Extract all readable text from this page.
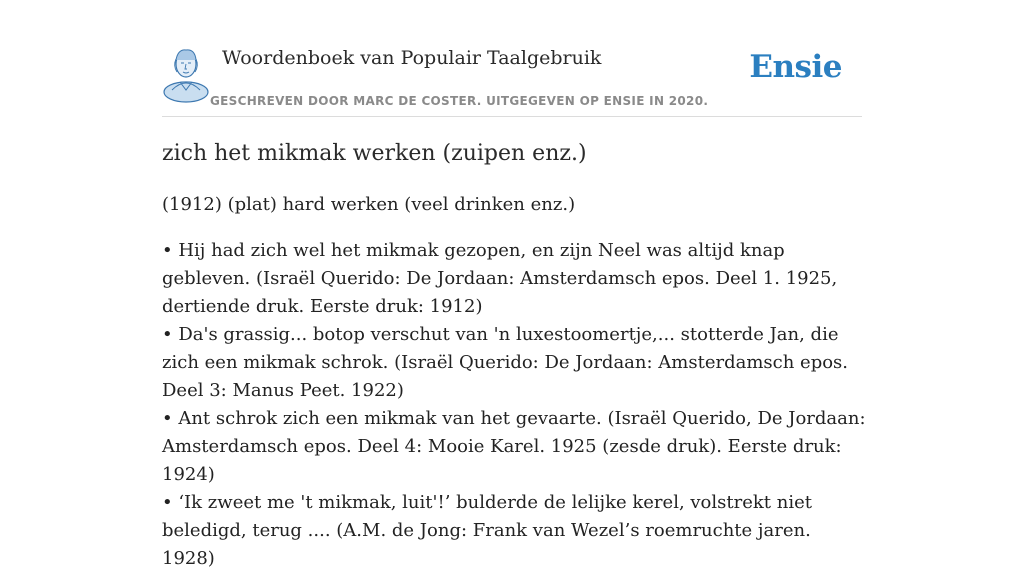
Woordenboek van Populair Taalgebruik
GESCHREVEN DOOR MARC DE COSTER. UITGEGEVEN OP ENSIE IN 2020.
Ensie
zich het mikmak werken (zuipen enz.)

(1912) (plat) hard werken (veel drinken enz.)

• Hij had zich wel het mikmak gezopen, en zijn Neel was altijd knap gebleven. (Israël Querido: De Jordaan: Amsterdamsch epos. Deel 1. 1925, dertiende druk. Eerste druk: 1912)

• Da's grassig... botop verschut van 'n luxestoomertje,... stotterde Jan, die zich een mikmak schrok. (Israël Querido: De Jordaan: Amsterdamsch epos. Deel 3: Manus Peet. 1922)

• Ant schrok zich een mikmak van het gevaarte. (Israël Querido, De Jordaan: Amsterdamsch epos. Deel 4: Mooie Karel. 1925 (zesde druk). Eerste druk: 1924)

• ‘Ik zweet me 't mikmak, luit'!’ bulderde de lelijke kerel, volstrekt niet beledigd, terug .... (A.M. de Jong: Frank van Wezel’s roemruchte jaren. 1928)
